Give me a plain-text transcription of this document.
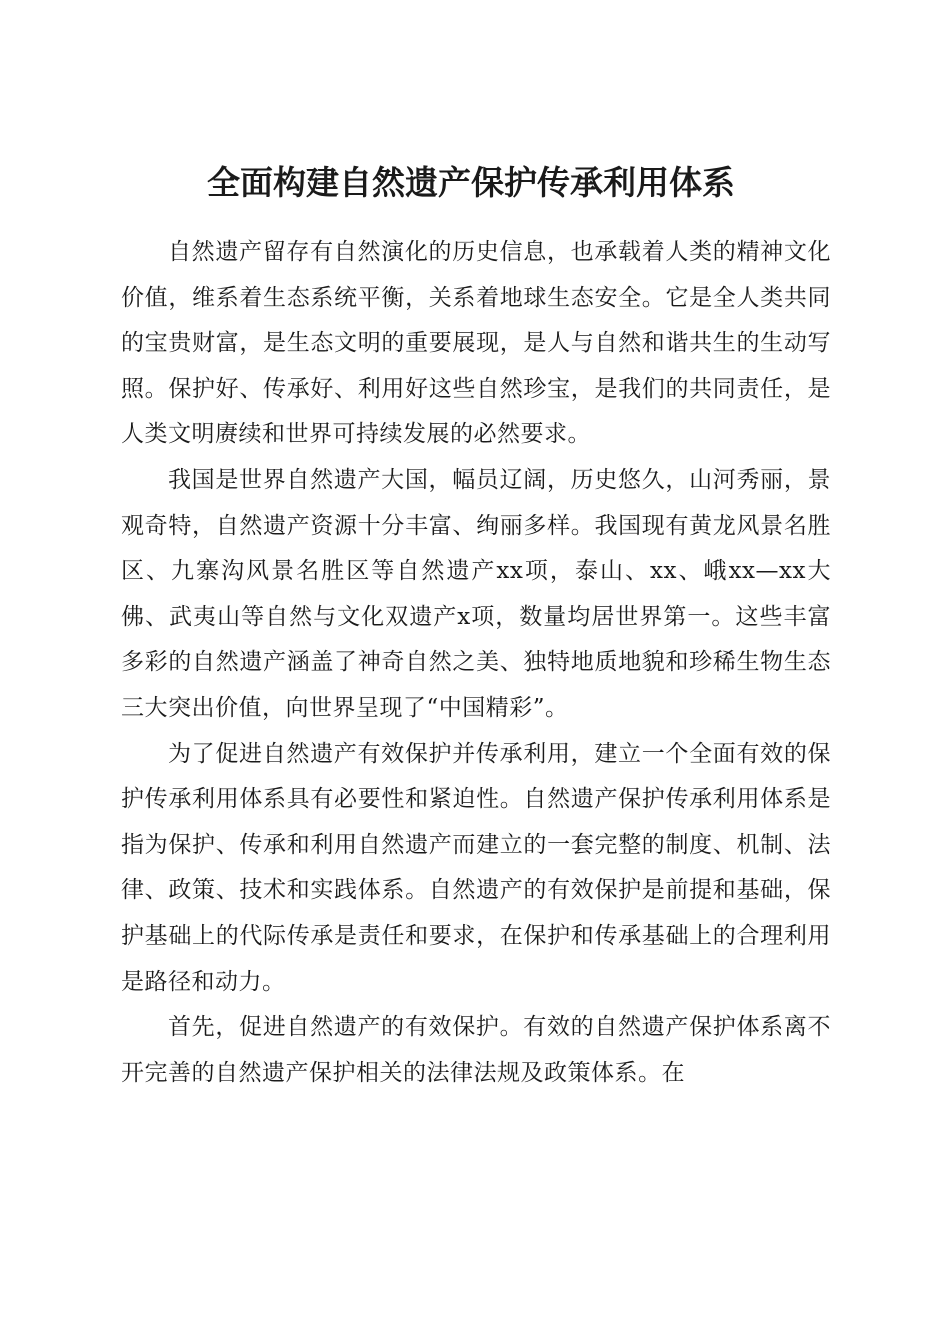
全面构建自然遗产保护传承利用体系

自然遗产留存有自然演化的历史信息，也承载着人类的精神文化价值，维系着生态系统平衡，关系着地球生态安全。它是全人类共同的宝贵财富，是生态文明的重要展现，是人与自然和谐共生的生动写照。保护好、传承好、利用好这些自然珍宝，是我们的共同责任，是人类文明赓续和世界可持续发展的必然要求。

我国是世界自然遗产大国，幅员辽阔，历史悠久，山河秀丽，景观奇特，自然遗产资源十分丰富、绚丽多样。我国现有黄龙风景名胜区、九寨沟风景名胜区等自然遗产xx项，泰山、xx、峨xx—xx大佛、武夷山等自然与文化双遗产x项，数量均居世界第一。这些丰富多彩的自然遗产涵盖了神奇自然之美、独特地质地貌和珍稀生物生态三大突出价值，向世界呈现了“中国精彩”。

为了促进自然遗产有效保护并传承利用，建立一个全面有效的保护传承利用体系具有必要性和紧迫性。自然遗产保护传承利用体系是指为保护、传承和利用自然遗产而建立的一套完整的制度、机制、法律、政策、技术和实践体系。自然遗产的有效保护是前提和基础，保护基础上的代际传承是责任和要求，在保护和传承基础上的合理利用是路径和动力。

首先，促进自然遗产的有效保护。有效的自然遗产保护体系离不开完善的自然遗产保护相关的法律法规及政策体系。在
